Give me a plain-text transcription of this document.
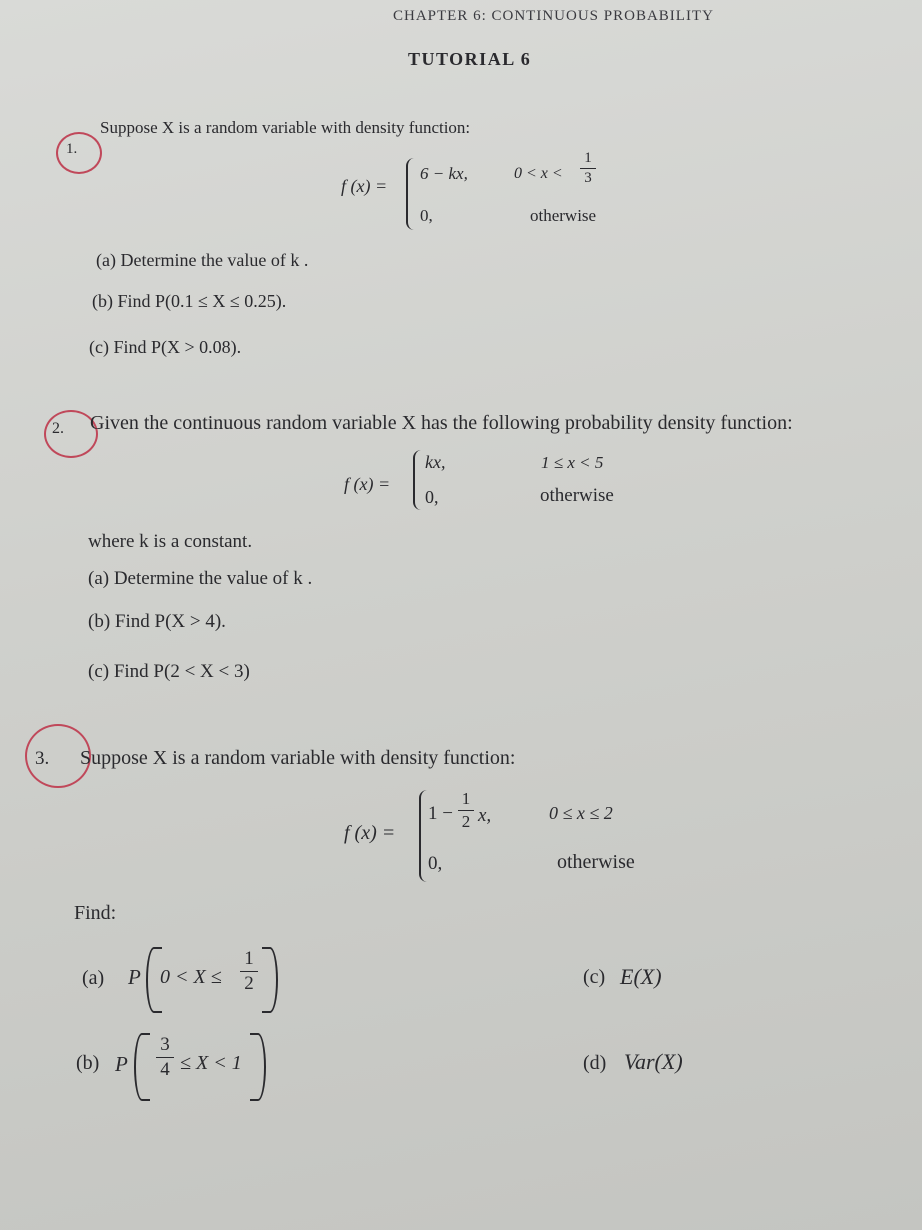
CHAPTER 6: CONTINUOUS PROBABILITY
TUTORIAL 6
1.
Suppose X is a random variable with density function:
f (x) =
6 − kx,	0 < x <
1
3
0,	otherwise
(a) Determine the value of k .
(b) Find P(0.1 ≤ X ≤ 0.25).
(c) Find P(X > 0.08).
2. Given the continuous random variable X has the following probability density function:
f (x) =
kx,	1 ≤ x < 5
0,	otherwise
where k is a constant.
(a) Determine the value of k .
(b) Find P(X > 4).
(c) Find P(2 < X < 3)
3. Suppose X is a random variable with density function:
f (x) =
1 −
1
2 x,	0 ≤ x ≤ 2
0,	otherwise
Find:
(a) P 0 < X ≤
1
2
(b) P
3
4 ≤ X < 1
(c) E(X)
(d) Var(X)
